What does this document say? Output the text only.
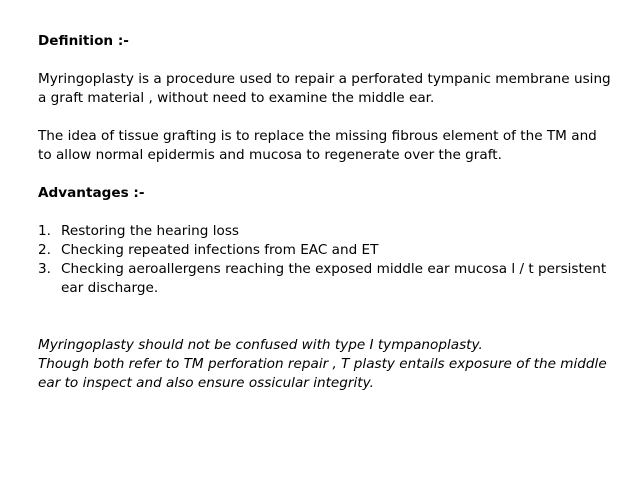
Definition :-

Myringoplasty is a procedure used to repair a perforated tympanic membrane using a graft material , without need to examine the middle ear.

The idea of tissue grafting is to replace the missing fibrous element of the TM and to allow normal epidermis and mucosa to regenerate over the graft.

Advantages :-

1. Restoring the hearing loss
2. Checking repeated infections from EAC and ET
3. Checking aeroallergens reaching the exposed middle ear mucosa l / t persistent ear discharge.

Myringoplasty should not be confused with type I tympanoplasty.

Though both refer to TM perforation repair , T plasty entails exposure of the middle ear to inspect and also ensure ossicular integrity.
